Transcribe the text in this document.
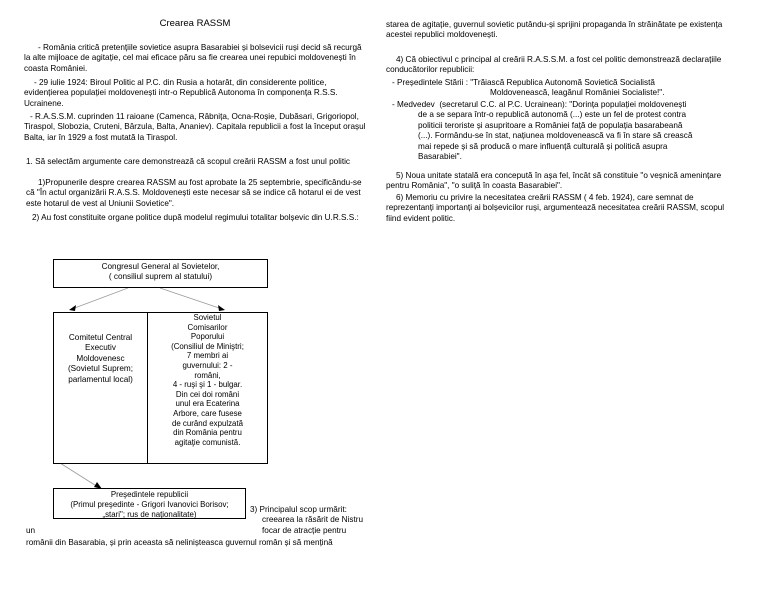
Crearea RASSM

- România critică pretențiile sovietice asupra Basarabiei și bolsevicii ruși decid să recurgă la alte mijloace de agitație, cel mai eficace păru sa fie crearea unei repubici moldovenești în coasta României.

- 29 iulie 1924: Biroul Politic al P.C. din Rusia a hotarât, din considerente politice, evidențierea populației moldovenești intr-o Republică Autonoma în componența R.S.S. Ucrainene.

- R.A.S.S.M. cuprinden 11 raioane (Camenca, Râbnița, Ocna-Roșie, Dubăsari, Grigoriopol, Tiraspol, Slobozia, Cruteni, Bârzula, Balta, Ananiev). Capitala republicii a fost la început orașul Balta, iar în 1929 a fost mutată la Tiraspol.

1. Să selectăm argumente care demonstrează că scopul creării RASSM a fost unul politic

1)Propunerile despre crearea RASSM au fost aprobate la 25 septembrie, specificându-se că "În actul organizării R.A.S.S. Moldovenești este necesar să se indice că hotarul ei de vest este hotarul de vest al Uniunii Sovietice".

2) Au fost constituite organe politice după modelul regimului totalitar bolșevic din U.R.S.S.:

Congresul General al Sovietelor,
( consiliul suprem al statului)
Comitetul Central
Executiv
Moldovenesc
(Sovietul Suprem;
parlamentul local)
Sovietul
Comisarilor
Poporului
(Consiliul de Miniştri;
7 membri ai
guvernului: 2 -
români,
4 - ruşi şi 1 - bulgar.
Din cei doi români
unul era Ecaterina
Arbore, care fusese
de curând expulzată
din România pentru
agitaţie comunistă.
Preşedintele republicii
(Primul preşedinte - Grigori Ivanovici Borisov;
„stari"; rus de naţionalitate)
3) Principalul scop urmărit:
creearea la răsărit de Nistru
focar de atracție pentru
un
românii din Basarabia, și prin aceasta să nelinișteasca guvernul român și să mențină

starea de agitație, guvernul sovietic putându-și sprijini propaganda în străinătate pe existența acestei republici moldovenești.

4) Că obiectivul c principal al creării R.A.S.S.M. a fost cel politic demonstrează declarațiile conducătorilor republicii:

- Președintele Stării : "Trăiască Republica Autonomă Sovietică Socialistă
Moldovenească, leagănul României Socialiste!".
- Medvedev  (secretarul C.C. al P.C. Ucrainean): "Dorința populației moldovenești
de a se separa într-o republică autonomă (...) este un fel de protest contra
politicii teroriste și asupritoare a României față de populația basarabeană
(...). Formându-se în stat, națiunea moldovenească va fi în stare să crească
mai repede și să producă o mare influență culturală și politică asupra
Basarabiei".

5) Noua unitate statală era concepută în așa fel, încât să constituie "o veșnică amenințare pentru România", "o suliță în coasta Basarabiei".

6) Memoriu cu privire la necesitatea creării RASSM ( 4 feb. 1924), care semnat de reprezentanți importanți ai bolșevicilor ruși, argumentează necesitatea creării RASSM, scopul fiind evident politic.
